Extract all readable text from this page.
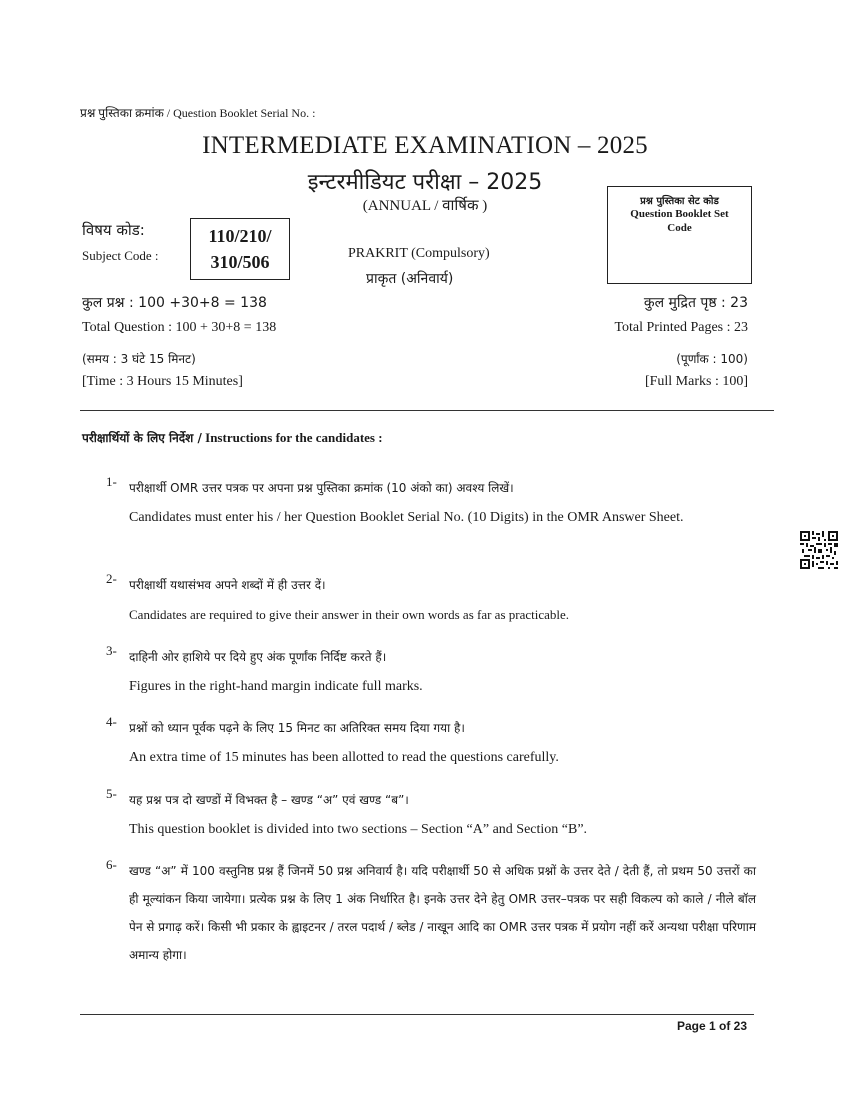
प्रश्न पुस्तिका क्रमांक / Question Booklet Serial No. :
INTERMEDIATE EXAMINATION – 2025
इन्टरमीडियट परीक्षा – 2025
(ANNUAL / वार्षिक )	प्रश्न पुस्तिका सेट कोड
Question Booklet Set Code
विषय कोड:
Subject Code :
110/210/
310/506	PRAKRIT (Compulsory)
प्राकृत (अनिवार्य)
कुल प्रश्न : 100 +30+8 = 138
Total Question : 100 + 30+8 = 138
(समय : 3 घंटे 15 मिनट)
[Time : 3 Hours 15 Minutes]
कुल मुद्रित पृष्ठ : 23
Total Printed Pages : 23
(पूर्णांक : 100)
[Full Marks : 100]
परीक्षार्थियों के लिए निर्देश / Instructions for the candidates :
1- परीक्षार्थी OMR उत्तर पत्रक पर अपना प्रश्न पुस्तिका क्रमांक (10 अंको का) अवश्य लिखें।
Candidates must enter his / her Question Booklet Serial No. (10 Digits) in the OMR Answer Sheet.
2- परीक्षार्थी यथासंभव अपने शब्दों में ही उत्तर दें।
Candidates are required to give their answer in their own words as far as practicable.
3- दाहिनी ओर हाशिये पर दिये हुए अंक पूर्णांक निर्दिष्ट करते हैं।
Figures in the right-hand margin indicate full marks.
4- प्रश्नों को ध्यान पूर्वक पढ़ने के लिए 15 मिनट का अतिरिक्त समय दिया गया है।
An extra time of 15 minutes has been allotted to read the questions carefully.
5- यह प्रश्न पत्र दो खण्डों में विभक्त है – खण्ड “अ” एवं खण्ड “ब”।
This question booklet is divided into two sections – Section “A” and Section “B”.
6- खण्ड “अ” में 100 वस्तुनिष्ठ प्रश्न हैं जिनमें 50 प्रश्न अनिवार्य है। यदि परीक्षार्थी 50 से अधिक प्रश्नों के उत्तर देते / देती हैं, तो प्रथम 50 उत्तरों का ही मूल्यांकन किया जायेगा। प्रत्येक प्रश्न के लिए 1 अंक निर्धारित है। इनके उत्तर देने हेतु OMR उत्तर–पत्रक पर सही विकल्प को काले / नीले बॉल पेन से प्रगाढ़ करें। किसी भी प्रकार के ह्वाइटनर / तरल पदार्थ / ब्लेड / नाखून आदि का OMR उत्तर पत्रक में प्रयोग नहीं करें अन्यथा परीक्षा परिणाम अमान्य होगा।
Page 1 of 23
